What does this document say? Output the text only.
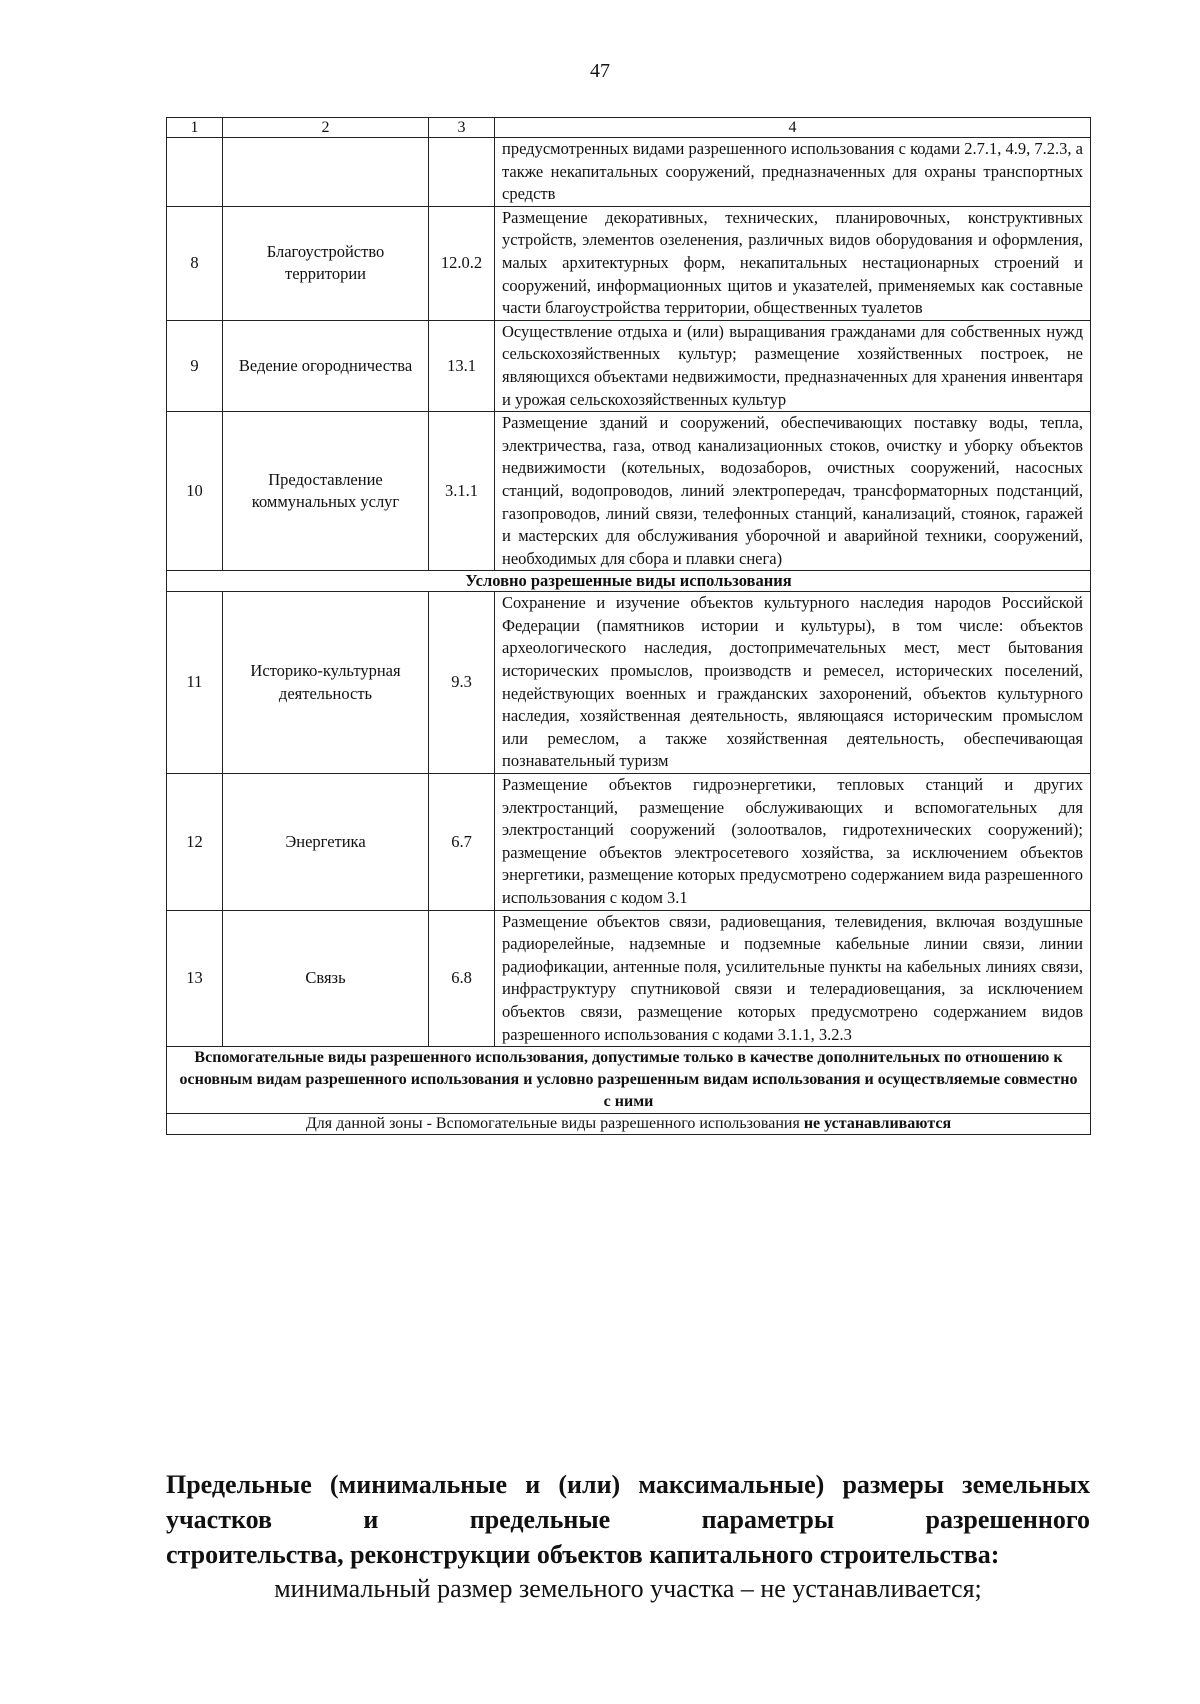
47
1	2	3	4
			предусмотренных видами разрешенного использования с кодами 2.7.1, 4.9, 7.2.3, а также некапитальных сооружений, предназначенных для охраны транспортных средств
8	Благоустройство территории	12.0.2	Размещение декоративных, технических, планировочных, конструктивных устройств, элементов озеленения, различных видов оборудования и оформления, малых архитектурных форм, некапитальных нестационарных строений и сооружений, информационных щитов и указателей, применяемых как составные части благоустройства территории, общественных туалетов
9	Ведение огородничества	13.1	Осуществление отдыха и (или) выращивания гражданами для собственных нужд сельскохозяйственных культур; размещение хозяйственных построек, не являющихся объектами недвижимости, предназначенных для хранения инвентаря и урожая сельскохозяйственных культур
10	Предоставление коммунальных услуг	3.1.1	Размещение зданий и сооружений, обеспечивающих поставку воды, тепла, электричества, газа, отвод канализационных стоков, очистку и уборку объектов недвижимости (котельных, водозаборов, очистных сооружений, насосных станций, водопроводов, линий электропередач, трансформаторных подстанций, газопроводов, линий связи, телефонных станций, канализаций, стоянок, гаражей и мастерских для обслуживания уборочной и аварийной техники, сооружений, необходимых для сбора и плавки снега)
Условно разрешенные виды использования			
11	Историко-культурная деятельность	9.3	Сохранение и изучение объектов культурного наследия народов Российской Федерации (памятников истории и культуры), в том числе: объектов археологического наследия, достопримечательных мест, мест бытования исторических промыслов, производств и ремесел, исторических поселений, недействующих военных и гражданских захоронений, объектов культурного наследия, хозяйственная деятельность, являющаяся историческим промыслом или ремеслом, а также хозяйственная деятельность, обеспечивающая познавательный туризм
12	Энергетика	6.7	Размещение объектов гидроэнергетики, тепловых станций и других электростанций, размещение обслуживающих и вспомогательных для электростанций сооружений (золоотвалов, гидротехнических сооружений); размещение объектов электросетевого хозяйства, за исключением объектов энергетики, размещение которых предусмотрено содержанием вида разрешенного использования с кодом 3.1
13	Связь	6.8	Размещение объектов связи, радиовещания, телевидения, включая воздушные радиорелейные, надземные и подземные кабельные линии связи, линии радиофикации, антенные поля, усилительные пункты на кабельных линиях связи, инфраструктуру спутниковой связи и телерадиовещания, за исключением объектов связи, размещение которых предусмотрено содержанием видов разрешенного использования с кодами 3.1.1, 3.2.3
Вспомогательные виды разрешенного использования, допустимые только в качестве дополнительных по отношению к основным видам разрешенного использования и условно разрешенным видам использования и осуществляемые совместно с ними			
Для данной зоны - Вспомогательные виды разрешенного использования не устанавливаются			
Предельные (минимальные и (или) максимальные) размеры земельных участков и предельные параметры разрешенного
строительства, реконструкции объектов капитального строительства:
минимальный размер земельного участка – не устанавливается;
